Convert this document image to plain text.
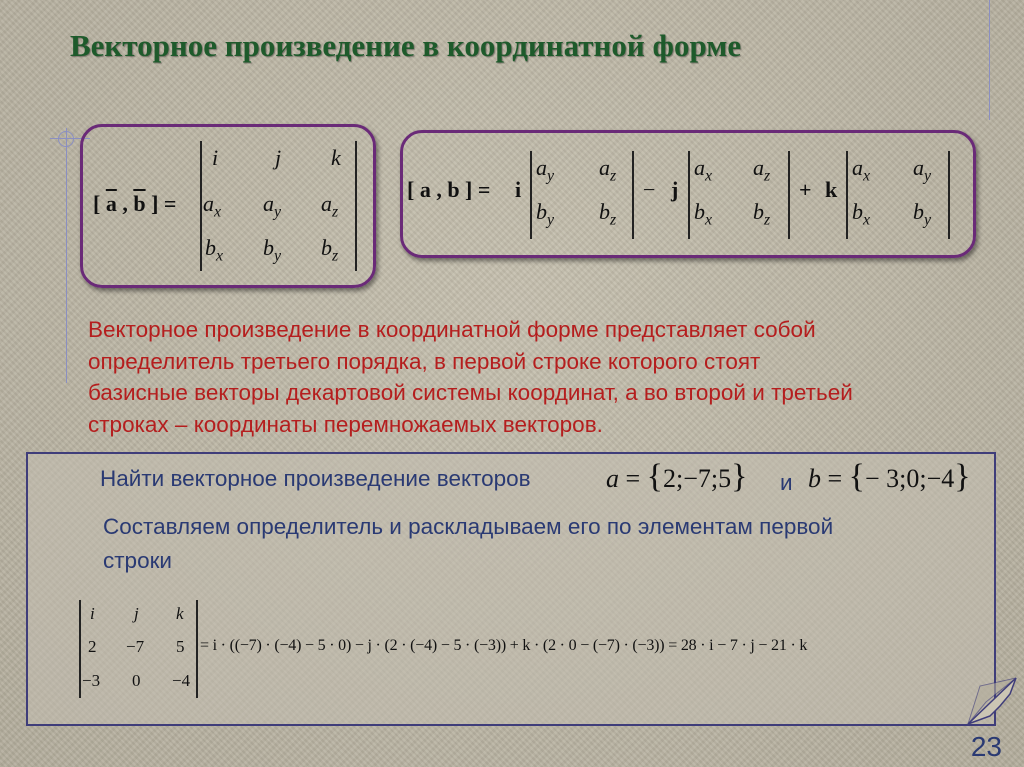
Векторное произведение в координатной форме
[ $\overline{a}$ , $\overline{b}$ ] =
i	j k
$a_x$ $a_y$ $a_z$
$b_x$ $b_y$ $b_z$
[ a , b ] = i
$a_y$ $a_z$
$b_y$ $b_z$
− j
$a_x$ $a_z$
$b_x$ $b_z$
+ k
$a_x$ $a_y$
$b_x$ $b_y$
Векторное произведение в координатной форме представляет собой
определитель третьего порядка, в первой строке которого стоят
базисные векторы декартовой системы координат, а во второй и третьей
строках – координаты перемножаемых векторов.
Найти векторное произведение векторов	a = {2;−7;5} и b = {− 3;0;−4}
Составляем определитель и раскладываем его по элементам первой
строки
i j k
2 −7 5
−3 0 −4
= i · ((−7) · (−4) − 5 · 0) − j · (2 · (−4) − 5 · (−3)) + k · (2 · 0 − (−7) · (−3)) = 28 · i − 7 · j − 21 · k
23
